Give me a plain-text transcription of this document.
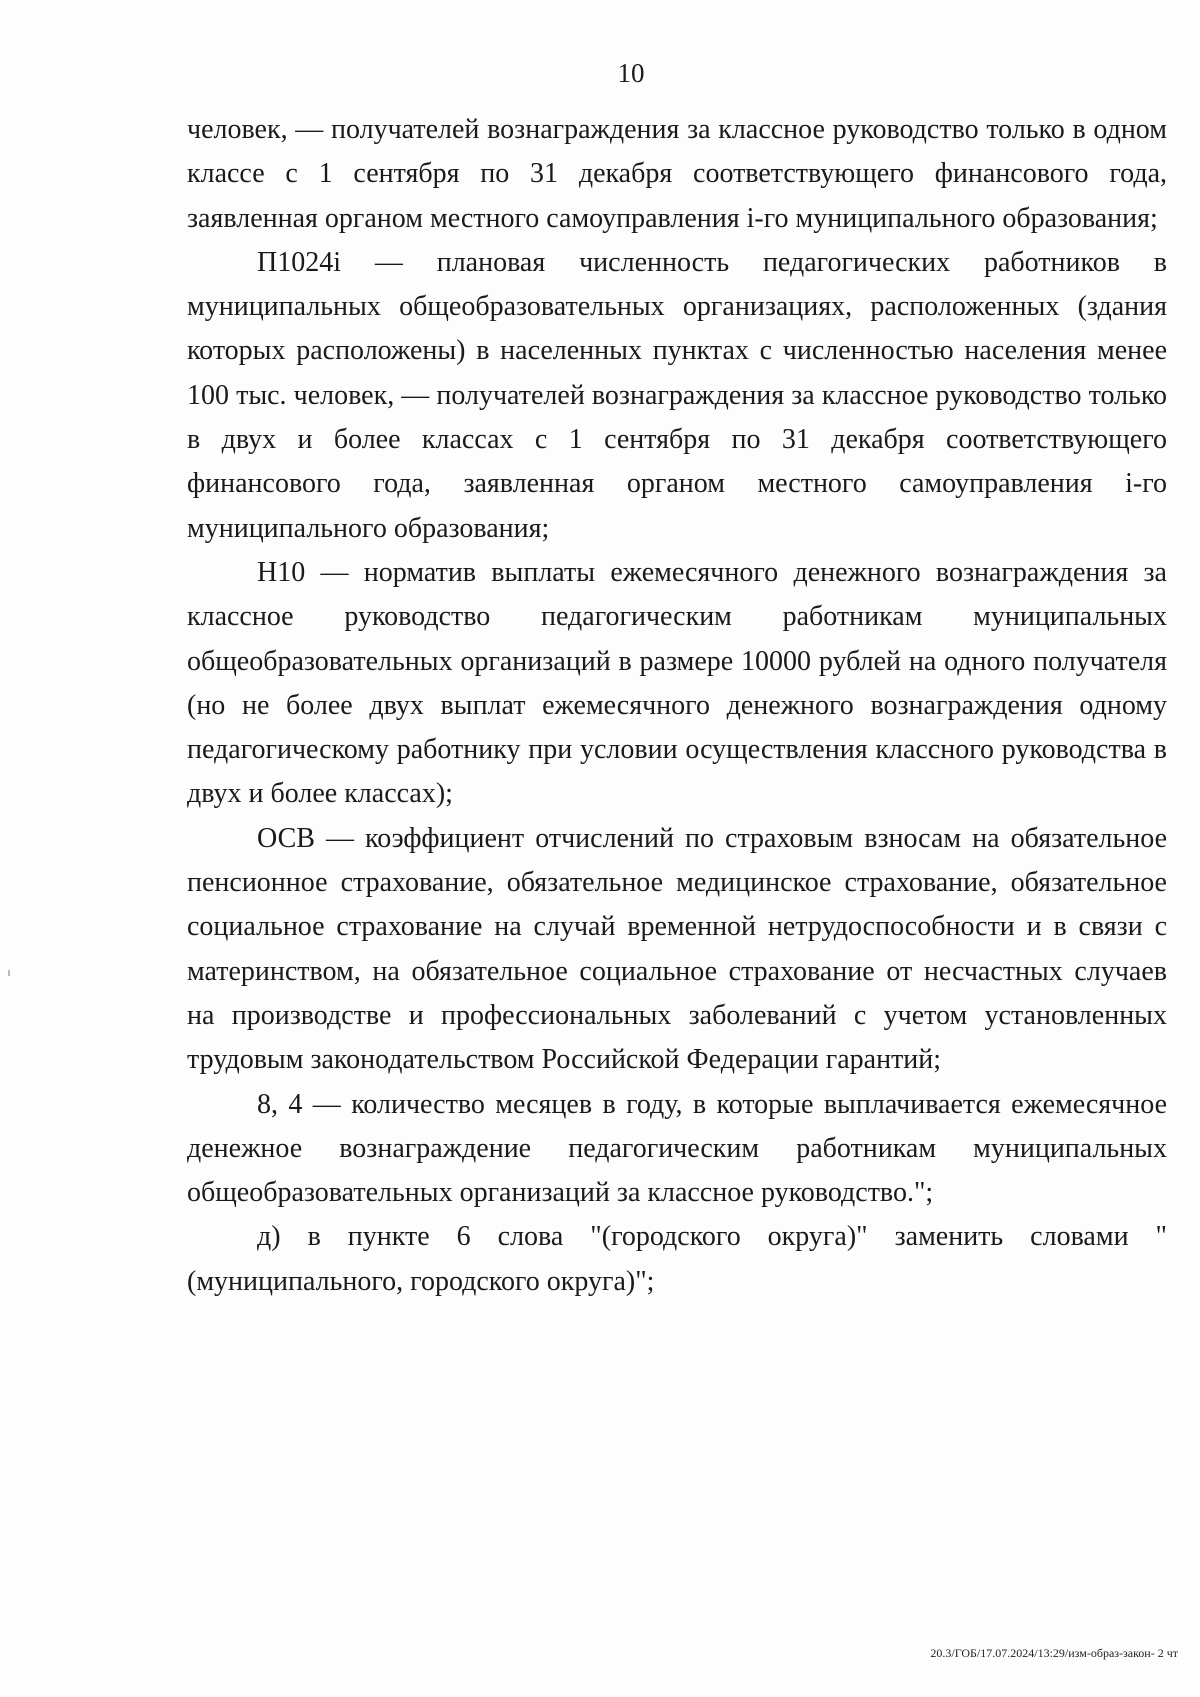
10

человек, — получателей вознаграждения за классное руководство только в одном классе с 1 сентября по 31 декабря соответствующего финансового года, заявленная органом местного самоуправления i-го муниципального образования;

П1024i — плановая численность педагогических работников в муниципальных общеобразовательных организациях, расположенных (здания которых расположены) в населенных пунктах с численностью населения менее 100 тыс. человек, — получателей вознаграждения за классное руководство только в двух и более классах с 1 сентября по 31 декабря соответствующего финансового года, заявленная органом местного самоуправления i-го муниципального образования;

Н10 — норматив выплаты ежемесячного денежного вознаграждения за классное руководство педагогическим работникам муниципальных общеобразовательных организаций в размере 10000 рублей на одного получателя (но не более двух выплат ежемесячного денежного вознаграждения одному педагогическому работнику при условии осуществления классного руководства в двух и более классах);

ОСВ — коэффициент отчислений по страховым взносам на обязательное пенсионное страхование, обязательное медицинское страхование, обязательное социальное страхование на случай временной нетрудоспособности и в связи с материнством, на обязательное социальное страхование от несчастных случаев на производстве и профессиональных заболеваний с учетом установленных трудовым законодательством Российской Федерации гарантий;

8, 4 — количество месяцев в году, в которые выплачивается ежемесячное денежное вознаграждение педагогическим работникам муниципальных общеобразовательных организаций за классное руководство.";

д) в пункте 6 слова "(городского округа)" заменить словами "(муниципального, городского округа)";

20.3/ГОБ/17.07.2024/13:29/изм-образ-закон- 2 чт
